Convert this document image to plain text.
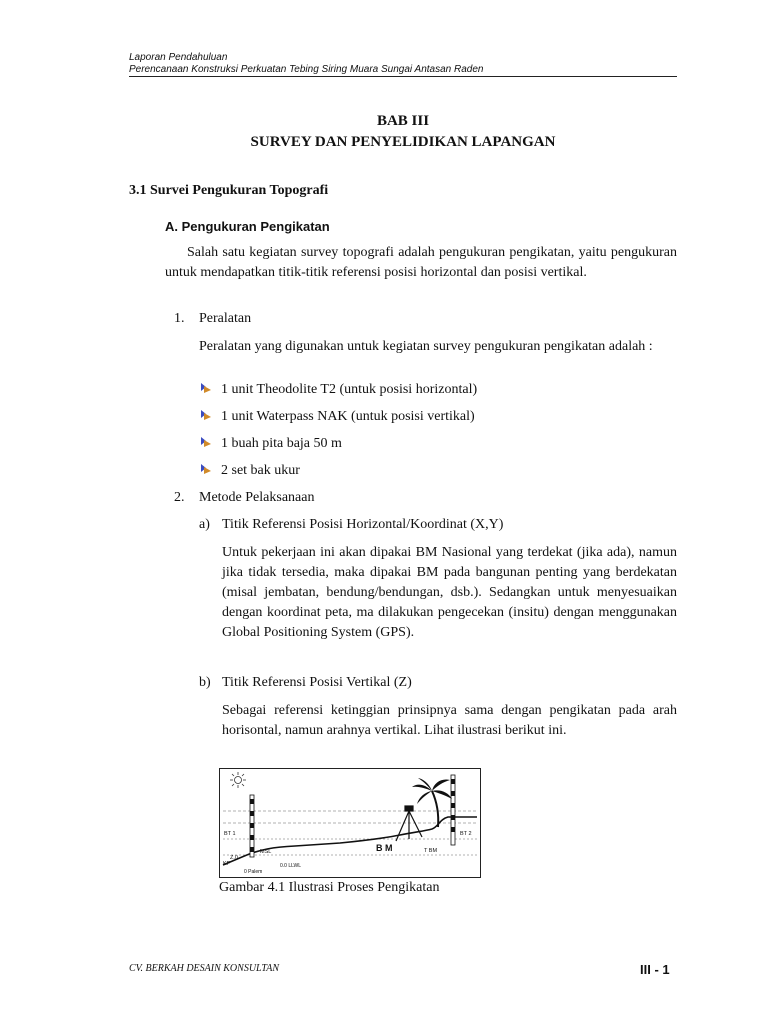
Laporan Pendahuluan
Perencanaan Konstruksi Perkuatan Tebing Siring Muara Sungai Antasan Raden
BAB III
SURVEY DAN PENYELIDIKAN LAPANGAN
3.1 Survei Pengukuran Topografi
A. Pengukuran Pengikatan
Salah satu kegiatan survey topografi adalah pengukuran pengikatan, yaitu pengukuran untuk mendapatkan titik-titik referensi posisi horizontal dan posisi vertikal.
1. Peralatan
Peralatan yang digunakan untuk kegiatan survey pengukuran pengikatan adalah :
1 unit Theodolite T2 (untuk posisi horizontal)
1 unit Waterpass NAK (untuk posisi vertikal)
1 buah pita baja 50 m
2 set bak ukur
2. Metode Pelaksanaan
a) Titik Referensi Posisi Horizontal/Koordinat (X,Y)
Untuk pekerjaan ini akan dipakai BM Nasional yang terdekat (jika ada), namun jika tidak tersedia, maka dipakai BM pada bangunan penting yang berdekatan (misal jembatan, bendung/bendungan, dsb.). Sedangkan untuk menyesuaikan dengan koordinat peta, ma dilakukan pengecekan (insitu) dengan menggunakan Global Positioning System (GPS).
b) Titik Referensi Posisi Vertikal (Z)
Sebagai referensi ketinggian prinsipnya sama dengan pengikatan pada arah horisontal, namun arahnya vertikal. Lihat ilustrasi berikut ini.
BT 1	BT 2
KP
Z.0
MSL
0.0 LLWL
0 Palem
B M	T BM
Gambar 4.1 Ilustrasi Proses Pengikatan
CV. BERKAH DESAIN KONSULTAN	III - 1
